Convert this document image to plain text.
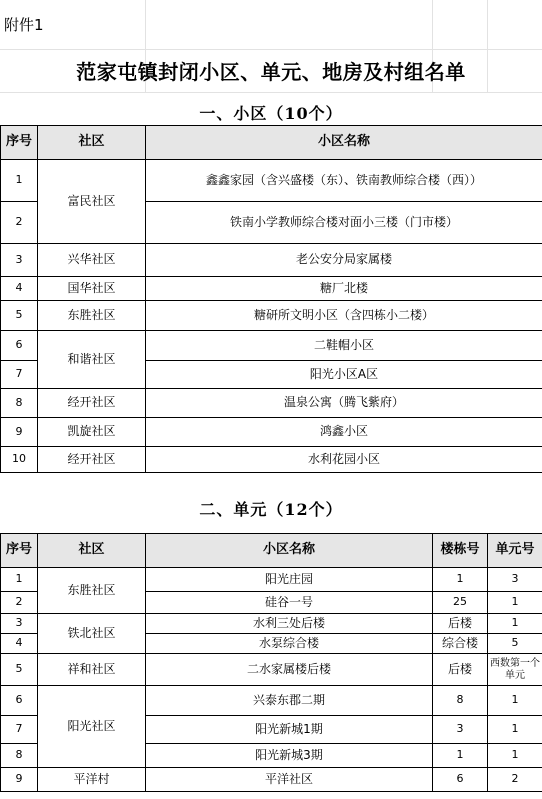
附件1
范家屯镇封闭小区、单元、地房及村组名单
一、小区（10个）
序号	社区	小区名称
1	富民社区	鑫鑫家园（含兴盛楼（东）、铁南教师综合楼（西））
2		铁南小学教师综合楼对面小三楼（门市楼）
3	兴华社区	老公安分局家属楼
4	国华社区	糖厂北楼
5	东胜社区	糖研所文明小区（含四栋小二楼）
6	和谐社区	二鞋帽小区
7		阳光小区A区
8	经开社区	温泉公寓（腾飞紫府）
9	凯旋社区	鸿鑫小区
10	经开社区	水利花园小区
二、单元（12个）
序号	社区	小区名称	楼栋号	单元号
1	东胜社区	阳光庄园	1	3
2		硅谷一号	25	1
3	铁北社区	水利三处后楼	后楼	1
4		水泵综合楼	综合楼	5
5	祥和社区	二水家属楼后楼	后楼	西数第一个单元
6	阳光社区	兴泰东郡二期	8	1
7		阳光新城1期	3	1
8		阳光新城3期	1	1
9	平洋村	平洋社区	6	2
